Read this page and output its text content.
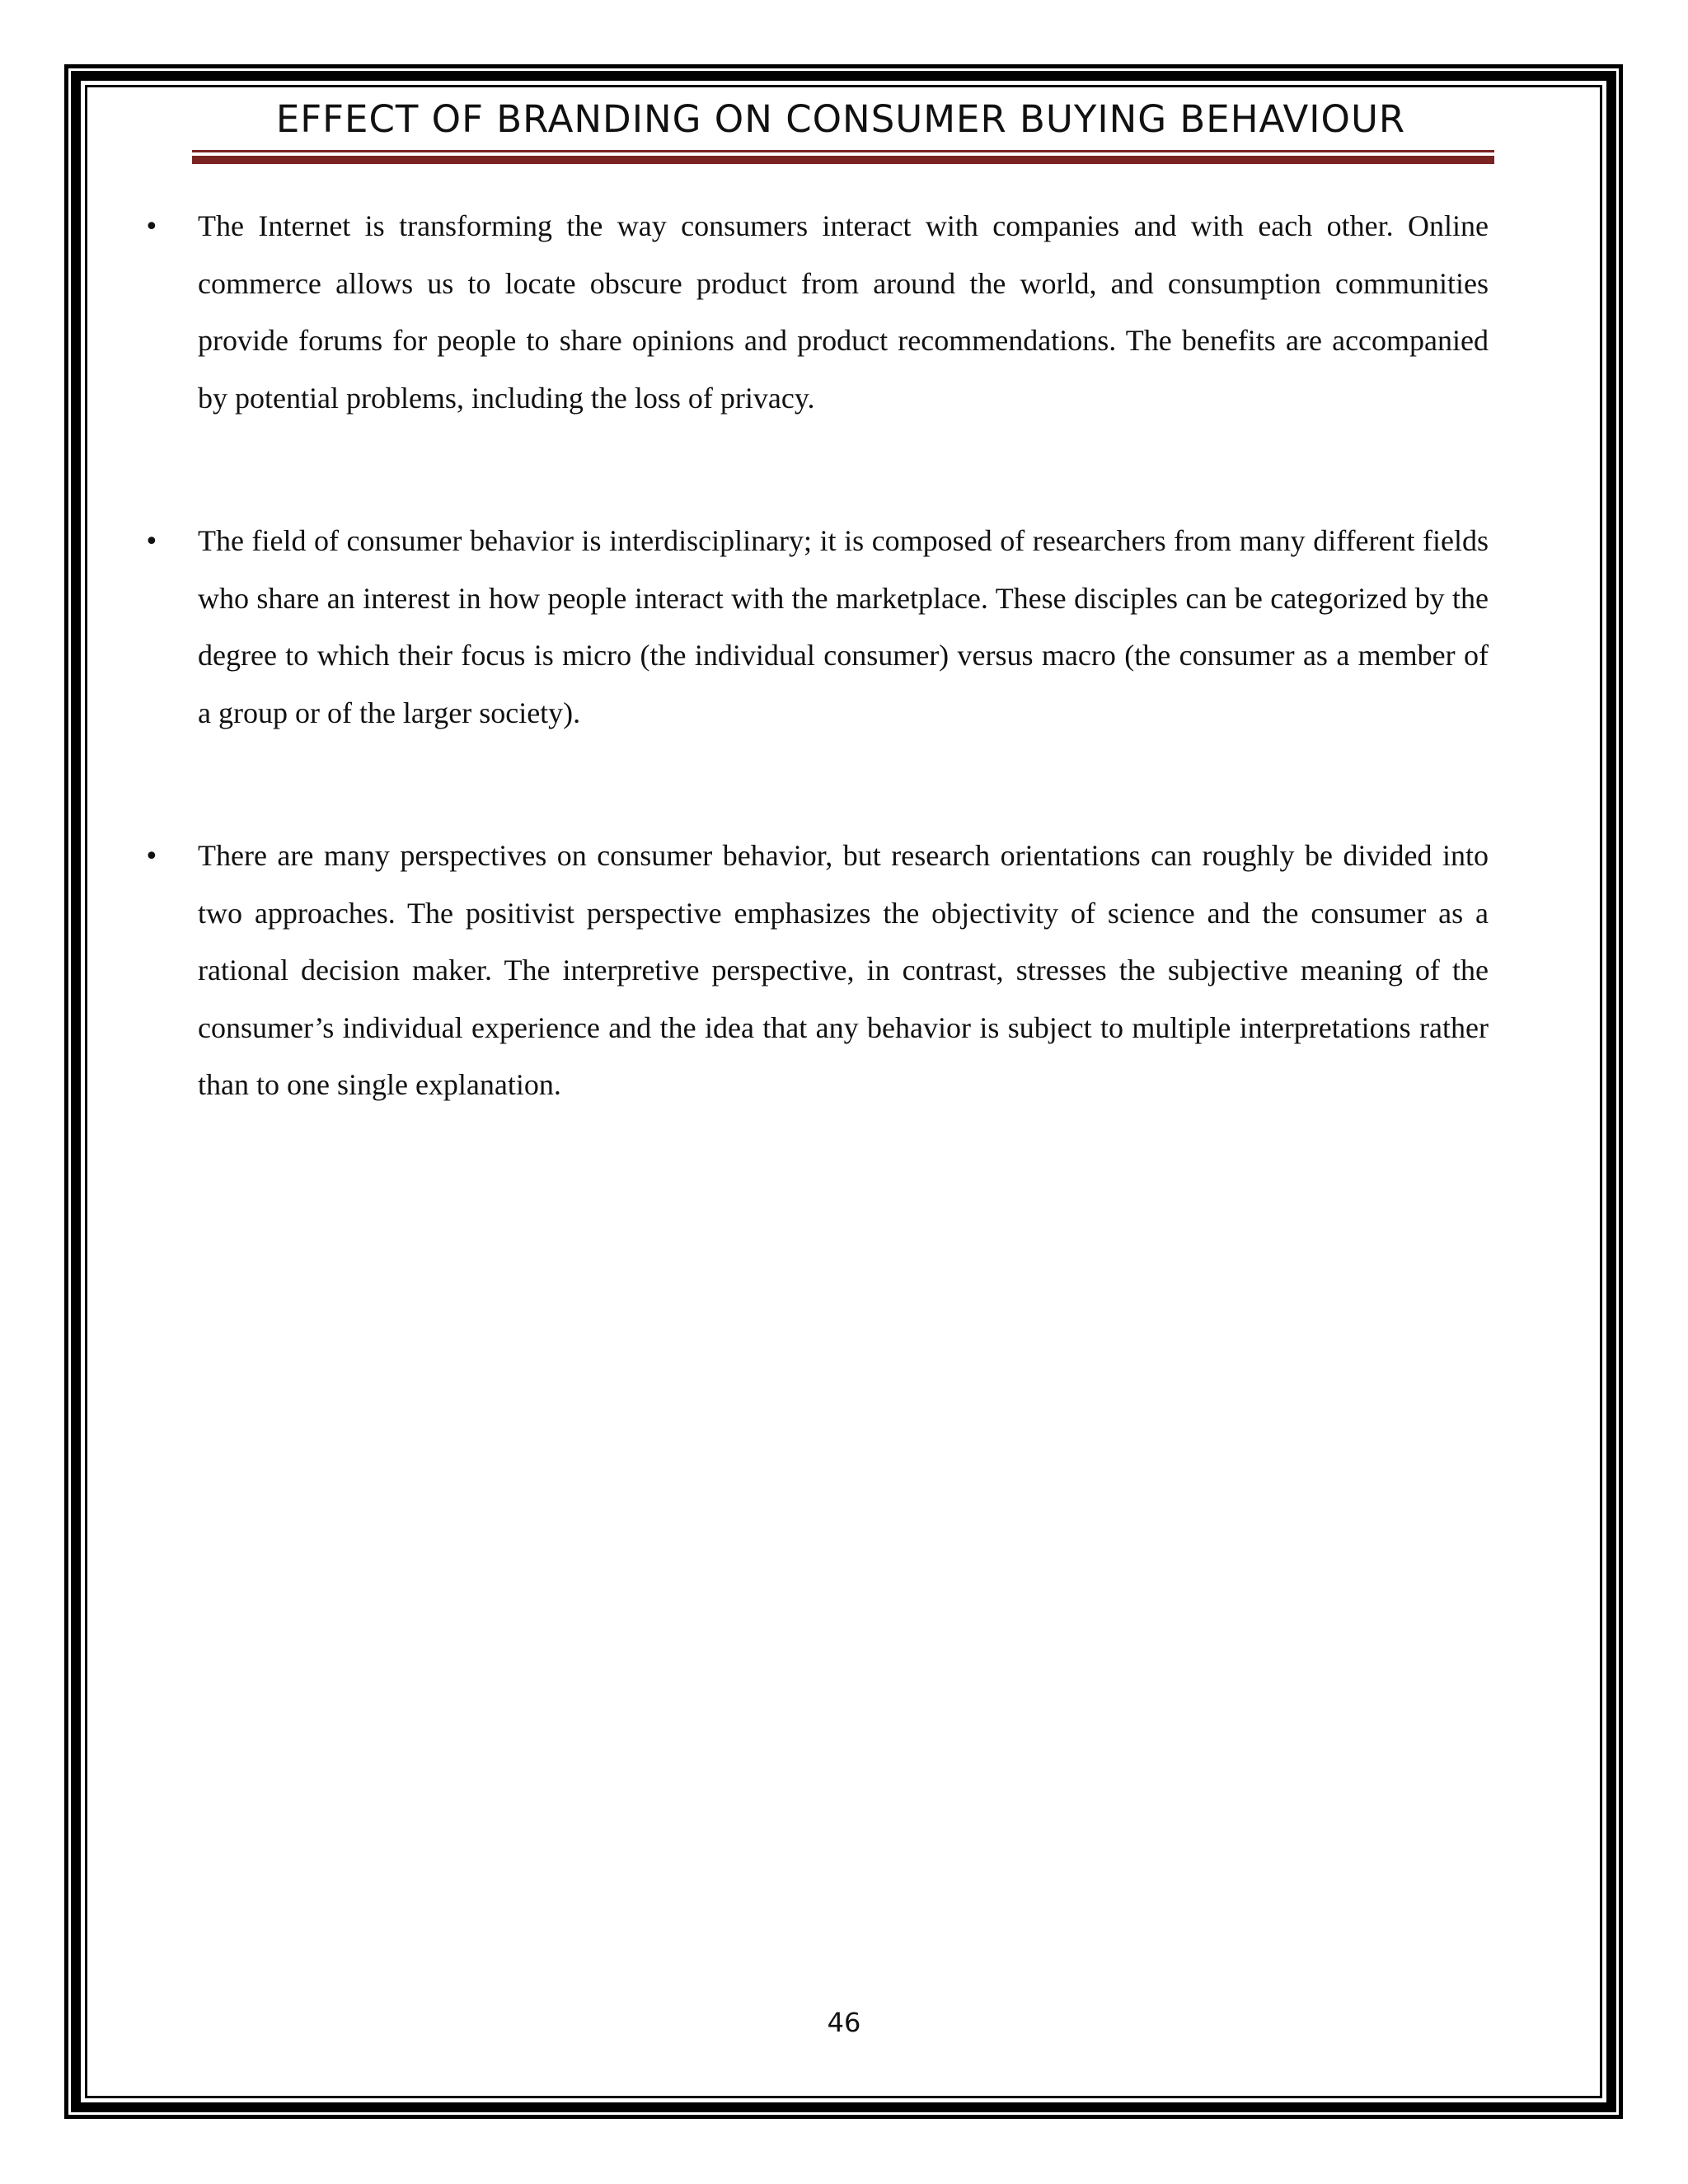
EFFECT OF BRANDING ON CONSUMER BUYING BEHAVIOUR
• The Internet is transforming the way consumers interact with companies and with each other. Online commerce allows us to locate obscure product from around the world, and consumption communities provide forums for people to share opinions and product recommendations. The benefits are accompanied by potential problems, including the loss of privacy.

• The field of consumer behavior is interdisciplinary; it is composed of researchers from many different fields who share an interest in how people interact with the marketplace. These disciples can be categorized by the degree to which their focus is micro (the individual consumer) versus macro (the consumer as a member of a group or of the larger society).

• There are many perspectives on consumer behavior, but research orientations can roughly be divided into two approaches. The positivist perspective emphasizes the objectivity of science and the consumer as a rational decision maker. The interpretive perspective, in contrast, stresses the subjective meaning of the consumer’s individual experience and the idea that any behavior is subject to multiple interpretations rather than to one single explanation.

46
